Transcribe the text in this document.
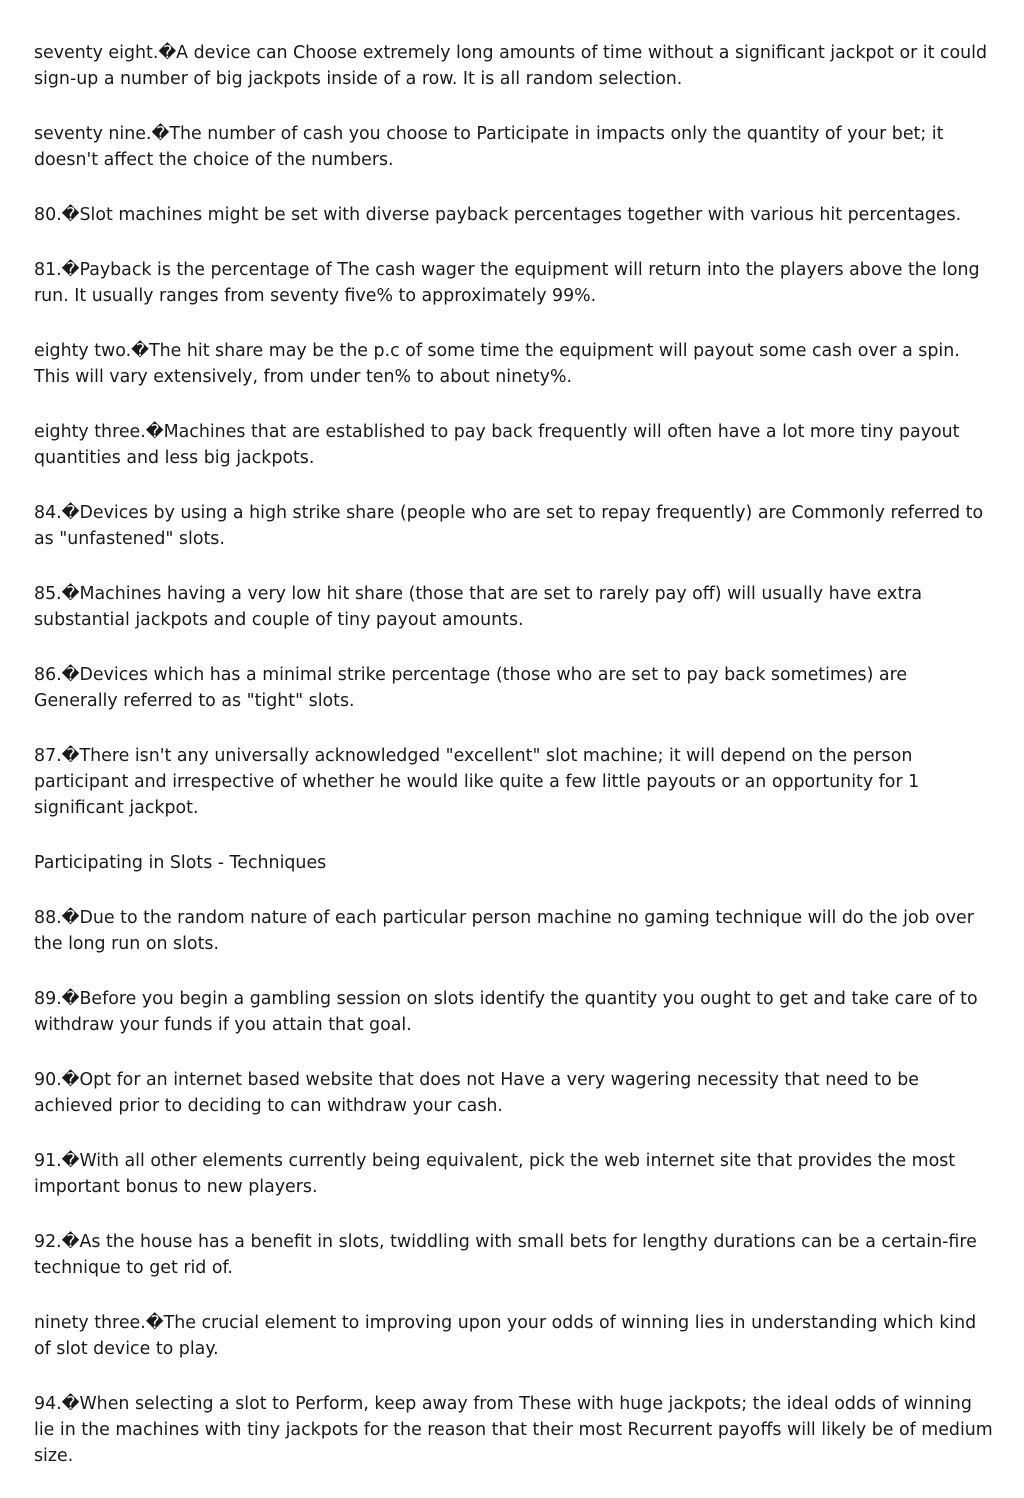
seventy eight.�A device can Choose extremely long amounts of time without a significant jackpot or it could sign-up a number of big jackpots inside of a row. It is all random selection.

seventy nine.�The number of cash you choose to Participate in impacts only the quantity of your bet; it doesn't affect the choice of the numbers.

80.�Slot machines might be set with diverse payback percentages together with various hit percentages.

81.�Payback is the percentage of The cash wager the equipment will return into the players above the long run. It usually ranges from seventy five% to approximately 99%.

eighty two.�The hit share may be the p.c of some time the equipment will payout some cash over a spin. This will vary extensively, from under ten% to about ninety%.

eighty three.�Machines that are established to pay back frequently will often have a lot more tiny payout quantities and less big jackpots.

84.�Devices by using a high strike share (people who are set to repay frequently) are Commonly referred to as "unfastened" slots.

85.�Machines having a very low hit share (those that are set to rarely pay off) will usually have extra substantial jackpots and couple of tiny payout amounts.

86.�Devices which has a minimal strike percentage (those who are set to pay back sometimes) are Generally referred to as "tight" slots.

87.�There isn't any universally acknowledged "excellent" slot machine; it will depend on the person participant and irrespective of whether he would like quite a few little payouts or an opportunity for 1 significant jackpot.

Participating in Slots - Techniques

88.�Due to the random nature of each particular person machine no gaming technique will do the job over the long run on slots.

89.�Before you begin a gambling session on slots identify the quantity you ought to get and take care of to withdraw your funds if you attain that goal.

90.�Opt for an internet based website that does not Have a very wagering necessity that need to be achieved prior to deciding to can withdraw your cash.

91.�With all other elements currently being equivalent, pick the web internet site that provides the most important bonus to new players.

92.�As the house has a benefit in slots, twiddling with small bets for lengthy durations can be a certain-fire technique to get rid of.

ninety three.�The crucial element to improving upon your odds of winning lies in understanding which kind of slot device to play.

94.�When selecting a slot to Perform, keep away from These with huge jackpots; the ideal odds of winning lie in the machines with tiny jackpots for the reason that their most Recurrent payoffs will likely be of medium size.
